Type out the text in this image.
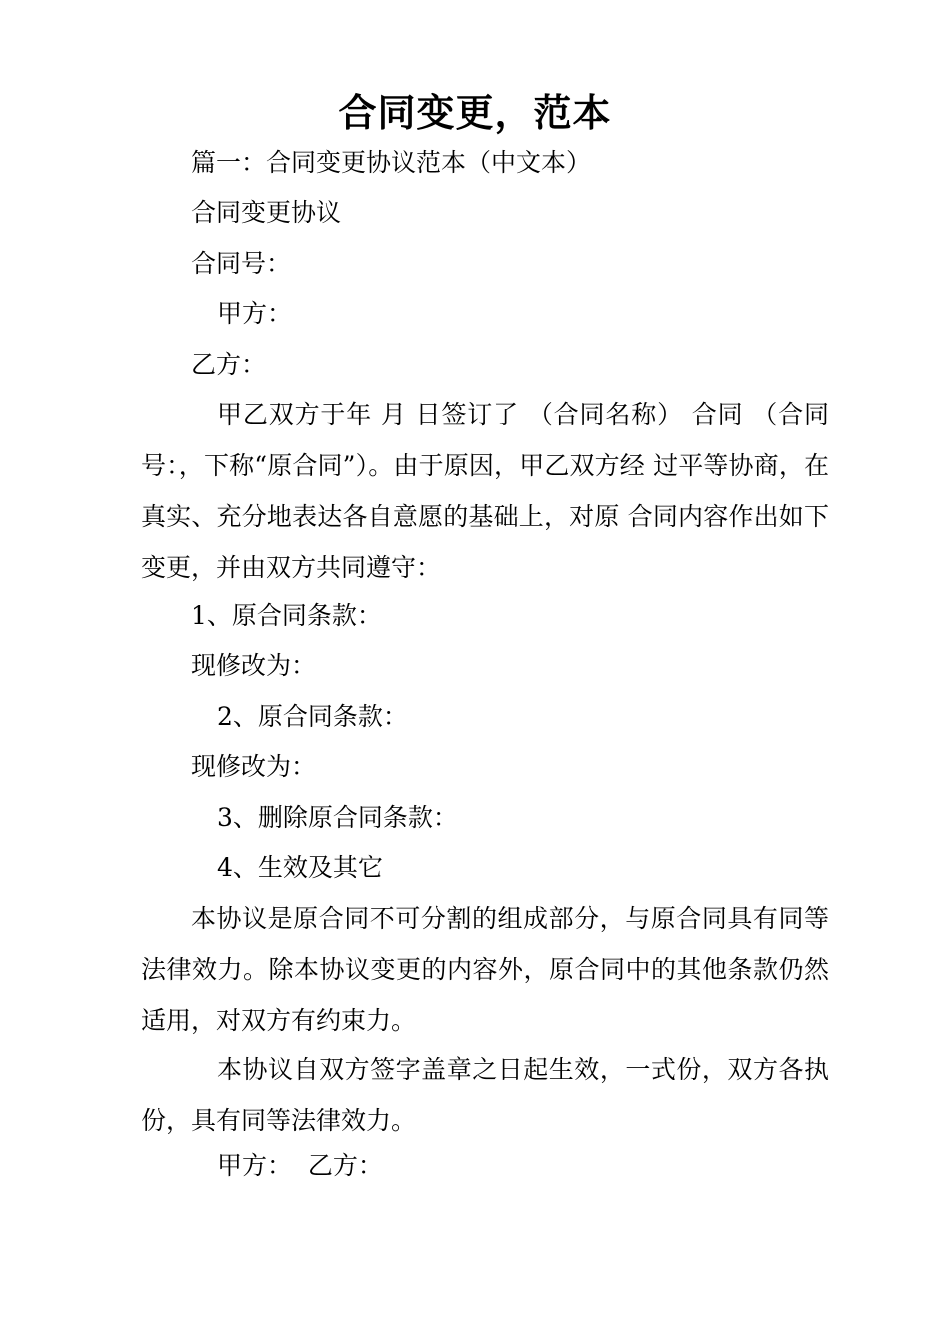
合同变更，范本
篇一：合同变更协议范本（中文本）
合同变更协议
合同号：
甲方：
乙方：
甲乙双方于年 月 日签订了 （合同名称） 合同 （合同号：，下称“原合同”）。由于原因，甲乙双方经 过平等协商，在真实、充分地表达各自意愿的基础上，对原 合同内容作出如下变更，并由双方共同遵守：
1、原合同条款：
现修改为：
2、原合同条款：
现修改为：
3、删除原合同条款：
4、生效及其它
本协议是原合同不可分割的组成部分，与原合同具有同等法律效力。除本协议变更的内容外，原合同中的其他条款仍然适用，对双方有约束力。
本协议自双方签字盖章之日起生效，一式份，双方各执份，具有同等法律效力。
甲方：  乙方：
